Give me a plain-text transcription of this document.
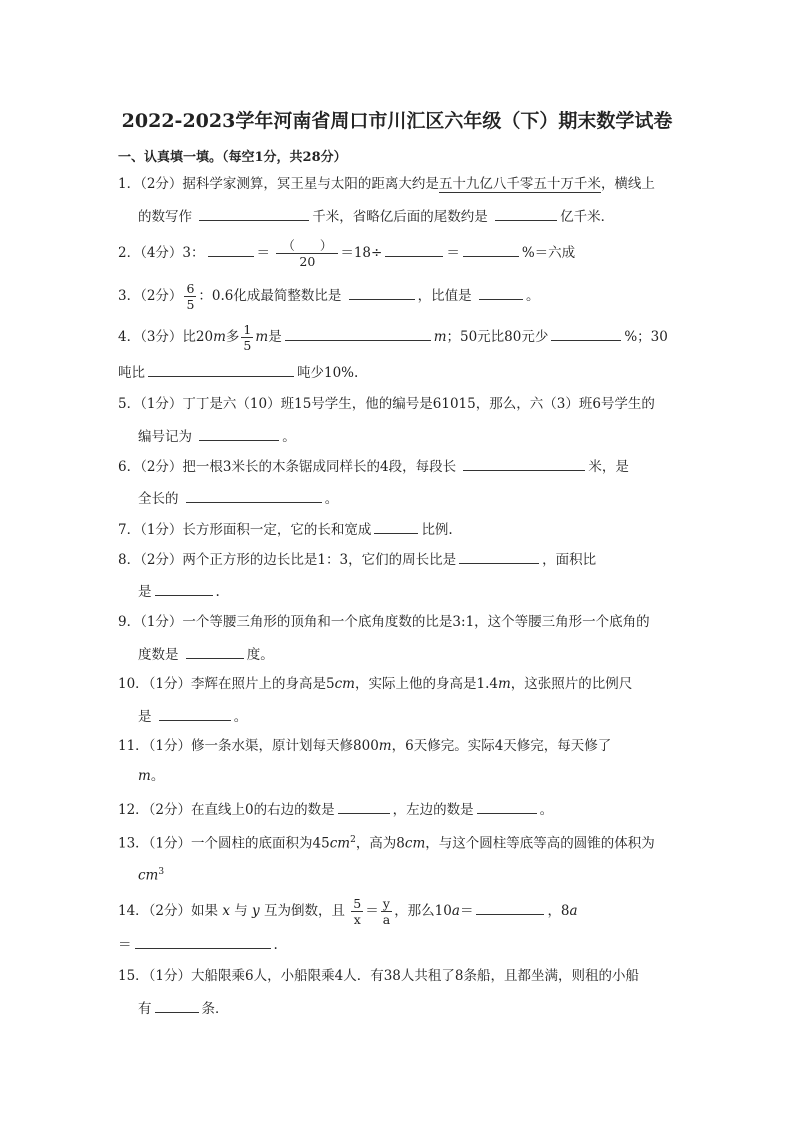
2022-2023学年河南省周口市川汇区六年级（下）期末数学试卷
一、认真填一填。（每空1分，共28分）
1．（2分）据科学家测算，冥王星与太阳的距离大约是五十九亿八千零五十万千米，横线上
的数写作	千米，省略亿后面的尾数约是	亿千米．
2．（4分）3：	＝ $\frac{( )}{20} =18\div$	＝	%＝六成
3．（2分） $\frac{6}{5}$ ：0.6化成最简整数比是	，比值是	。
4．（3分）比20m多 $\frac{1}{5}$ m是	m；50元比80元少	%；30
吨比	吨少10%.
5．（1分）丁丁是六（10）班15号学生，他的编号是61015，那么，六（3）班6号学生的
编号记为	。
6．（2分）把一根3米长的木条锯成同样长的4段，每段长	米，是
全长的	。
7．（1分）长方形面积一定，它的长和宽成	比例.
8．（2分）两个正方形的边长比是1：3，它们的周长比是	，面积比
是	.
9．（1分）一个等腰三角形的顶角和一个底角度数的比是3:1，这个等腰三角形一个底角的
度数是	度。
10．（1分）李辉在照片上的身高是5cm，实际上他的身高是1.4m，这张照片的比例尺
是	。
11．（1分）修一条水渠，原计划每天修800m，6天修完。实际4天修完，每天修了
m。
12．（2分）在直线上0的右边的数是	，左边的数是	。
13．（1分）一个圆柱的底面积为$45cm^2$，高为8cm，与这个圆柱等底等高的圆锥的体积为
$cm^3$
14．（2分）如果 x 与 y 互为倒数，且 $\frac{5}{x} = \frac{y}{a}$ ，那么10a＝	，8a
＝	.
15．（1分）大船限乘6人，小船限乘4人．有38人共租了8条船，且都坐满，则租的小船
有	条．
